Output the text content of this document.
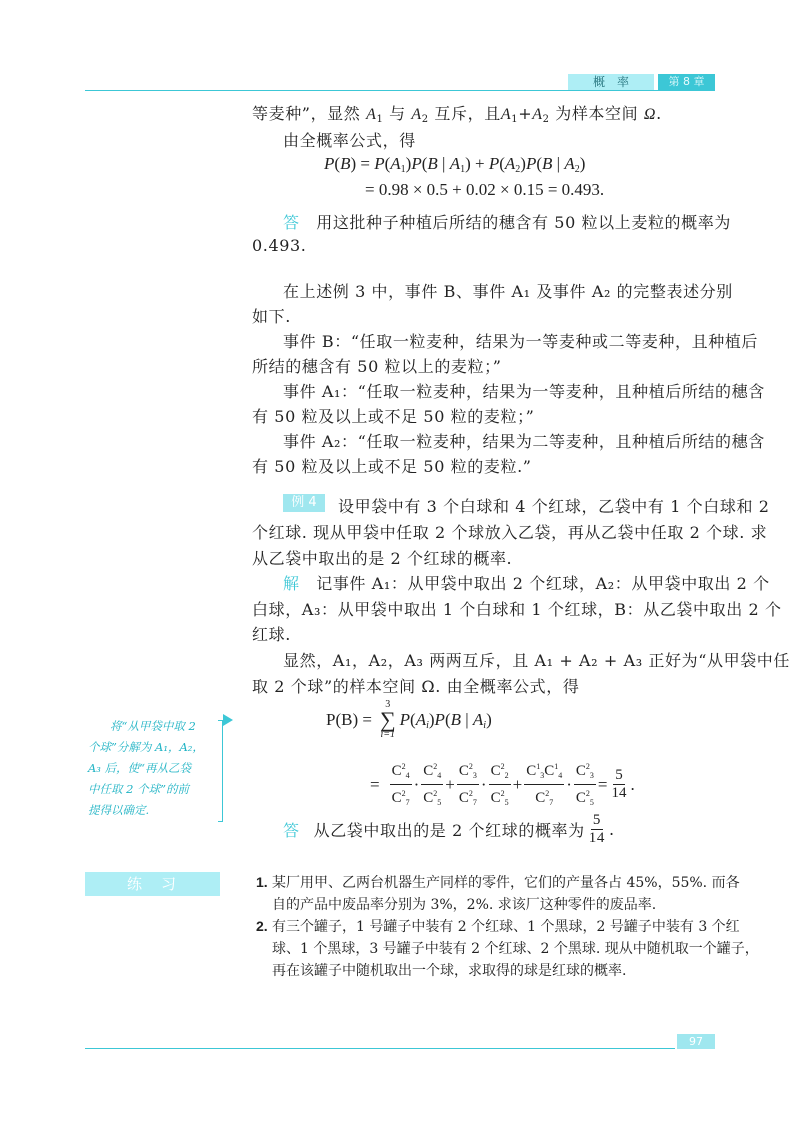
概　率	第 8 章
等麦种”，显然 $A_1$ 与 $A_2$ 互斥，且$A_1+A_2$ 为样本空间 Ω.
由全概率公式，得
$P(B) = P(A_1)P(B$ | $A_1) + P(A_2)P(B$ | $A_2$)
= 0.98 × 0.5 + 0.02 × 0.15 = 0.493.
答　 用这批种子种植后所结的穗含有 50 粒以上麦粒的概率为
0.493.
在上述例 3 中，事件 B、事件 A₁ 及事件 A₂ 的完整表述分别
如下.
事件 B：“任取一粒麦种，结果为一等麦种或二等麦种，且种植后
所结的穗含有 50 粒以上的麦粒；”
事件 A₁：“任取一粒麦种，结果为一等麦种，且种植后所结的穗含
有 50 粒及以上或不足 50 粒的麦粒；”
事件 A₂：“任取一粒麦种，结果为二等麦种，且种植后所结的穗含
有 50 粒及以上或不足 50 粒的麦粒.”
例 4	设甲袋中有 3 个白球和 4 个红球，乙袋中有 1 个白球和 2
个红球. 现从甲袋中任取 2 个球放入乙袋，再从乙袋中任取 2 个球. 求
从乙袋中取出的是 2 个红球的概率.
解　 记事件 A₁：从甲袋中取出 2 个红球，A₂：从甲袋中取出 2 个
白球，A₃：从甲袋中取出 1 个白球和 1 个红球，B：从乙袋中取出 2 个
红球.
显然，A₁，A₂，A₃ 两两互斥，且 A₁ + A₂ + A₃ 正好为“从甲袋中任
取 2 个球”的样本空间 Ω. 由全概率公式，得
P(B) =
3
∑
i=1
$P(A_i)P(B$ | $A_i$)
= $\frac{C^2_4}{C^2_7} \cdot \frac{C^2_4}{C^2_5} + \frac{C^2_3}{C^2_7} \cdot \frac{C^2_2}{C^2_5} + \frac{C^1_3C^1_4}{C^2_7} \cdot \frac{C^2_3}{C^2_5} = \frac{5}{14}$ .
答 从乙袋中取出的是 2 个红球的概率为 $\frac{5}{14}$ .
将“从甲袋中取 2
个球”分解为 A₁，A₂，
A₃ 后，使“再从乙袋
中任取 2 个球”的前
提得以确定.
练　习	1. 某厂用甲、乙两台机器生产同样的零件，它们的产量各占 45%，55%. 而各
自的产品中废品率分别为 3%，2%. 求该厂这种零件的废品率.
2. 有三个罐子，1 号罐子中装有 2 个红球、1 个黑球，2 号罐子中装有 3 个红
球、1 个黑球，3 号罐子中装有 2 个红球、2 个黑球. 现从中随机取一个罐子，
再在该罐子中随机取出一个球，求取得的球是红球的概率.
97
